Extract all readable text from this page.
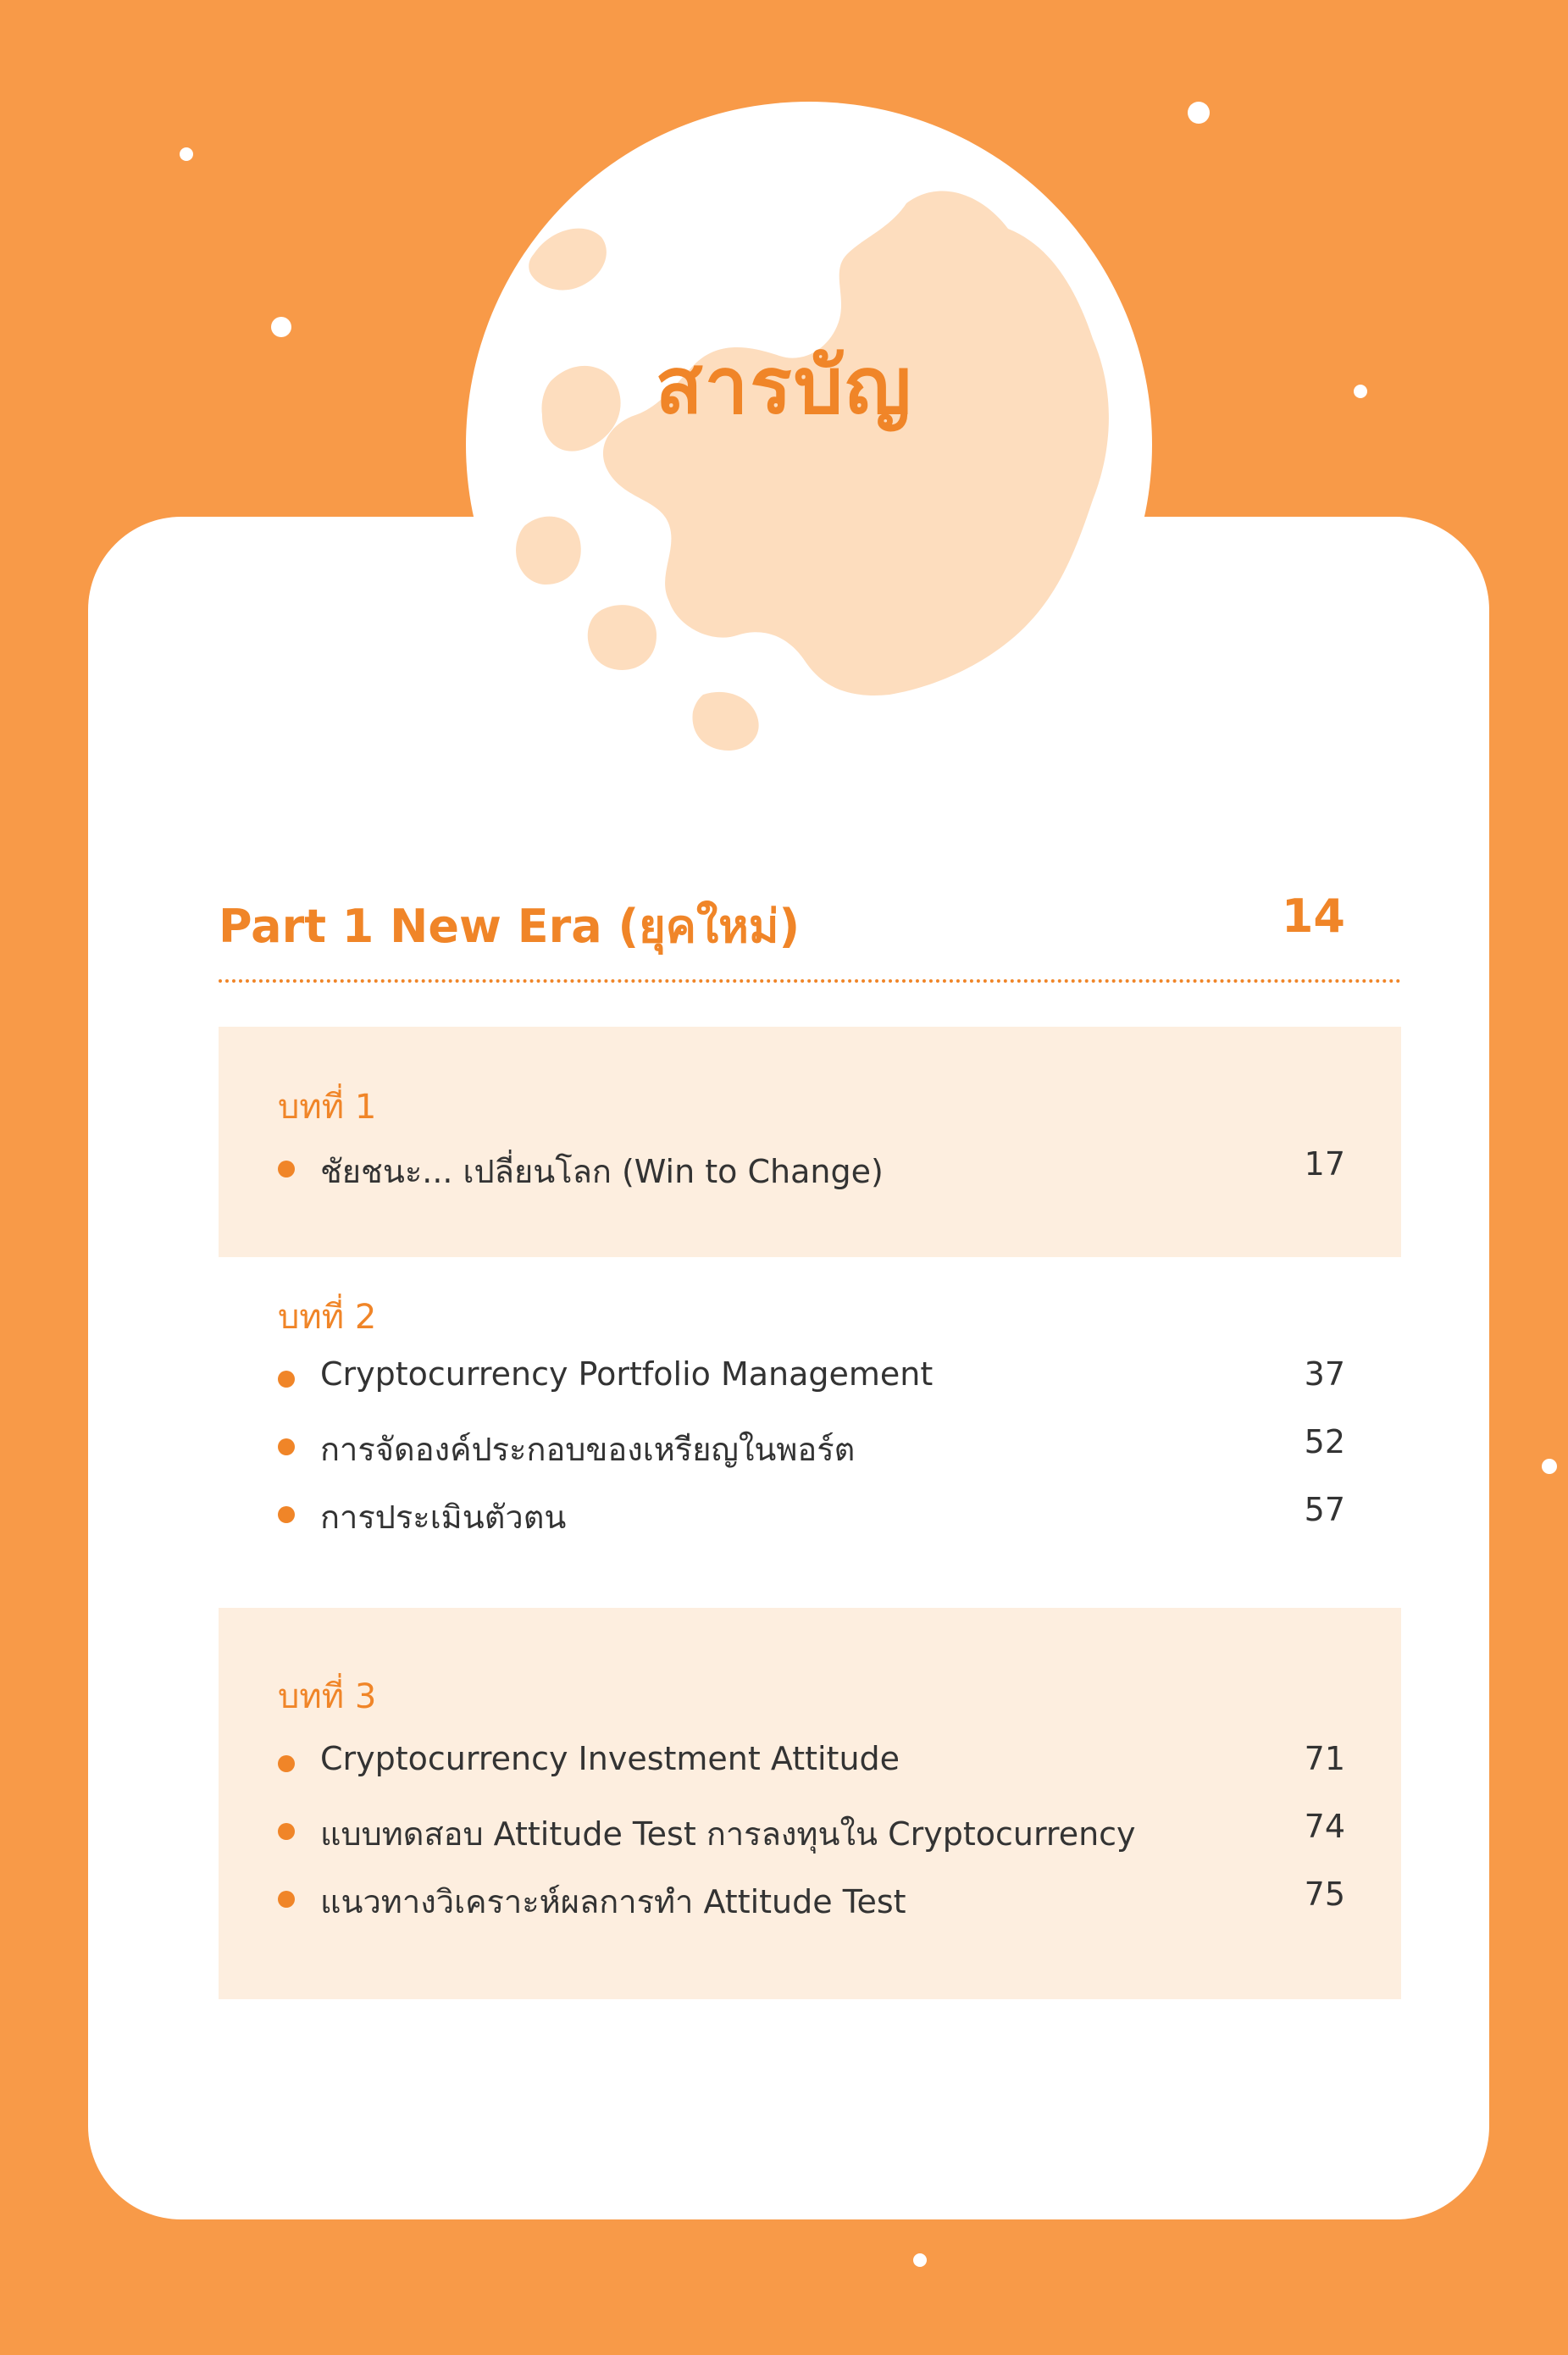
สารบัญ
Part 1 New Era (ยุคใหม่)	14
บทที่ 1
ชัยชนะ... เปลี่ยนโลก (Win to Change)	17
บทที่ 2
Cryptocurrency Portfolio Management	37
การจัดองค์ประกอบของเหรียญในพอร์ต	52
การประเมินตัวตน	57
บทที่ 3
Cryptocurrency Investment Attitude	71
แบบทดสอบ Attitude Test การลงทุนใน Cryptocurrency	74
แนวทางวิเคราะห์ผลการทำ Attitude Test	75
